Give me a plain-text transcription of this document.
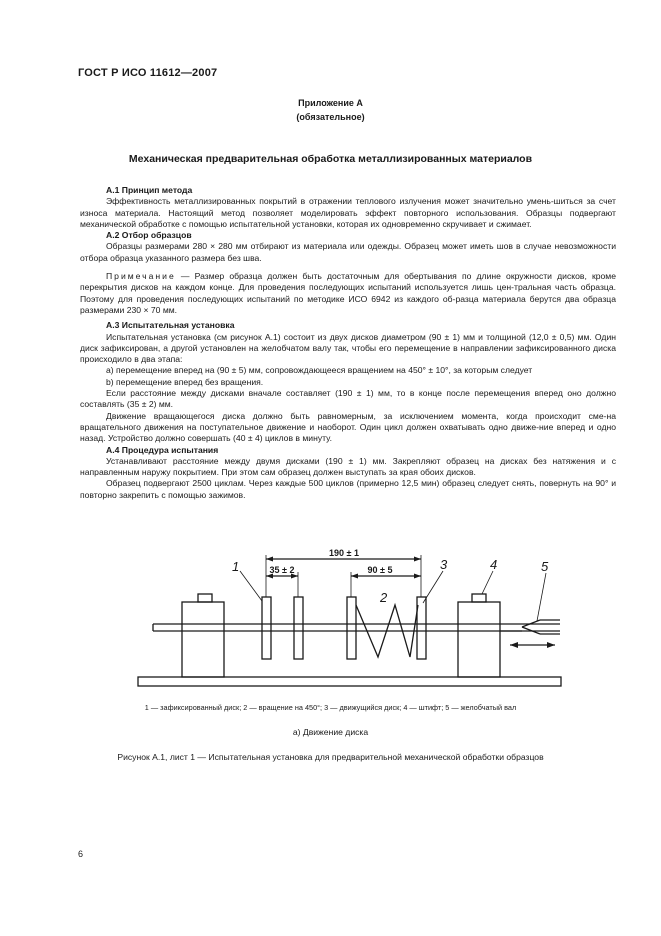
ГОСТ Р ИСО 11612—2007
Приложение А
(обязательное)
Механическая предварительная обработка металлизированных материалов

А.1 Принцип метода

Эффективность металлизированных покрытий в отражении теплового излучения может значительно умень-шиться за счет износа материала. Настоящий метод позволяет моделировать эффект повторного использования. Образцы подвергают механической обработке с помощью испытательной установки, которая их одновременно скручивает и сжимает.

А.2 Отбор образцов

Образцы размерами 280 × 280 мм отбирают из материала или одежды. Образец может иметь шов в случае невозможности отбора образца указанного размера без шва.

Примечание — Размер образца должен быть достаточным для обертывания по длине окружности дисков, кроме перекрытия дисков на каждом конце. Для проведения последующих испытаний используется лишь цен-тральная часть образца. Поэтому для проведения последующих испытаний по методике ИСО 6942 из каждого об-разца материала берутся два образца размерами 230 × 70 мм.

А.3 Испытательная установка

Испытательная установка (см рисунок А.1) состоит из двух дисков диаметром (90 ± 1) мм и толщиной (12,0 ± 0,5) мм. Один диск зафиксирован, а другой установлен на желобчатом валу так, чтобы его перемещение в направлении зафиксированного диска происходило в два этапа:

a) перемещение вперед на (90 ± 5) мм, сопровождающееся вращением на 450° ± 10°, за которым следует

b) перемещение вперед без вращения.

Если расстояние между дисками вначале составляет (190 ± 1) мм, то в конце после перемещения вперед оно должно составлять (35 ± 2) мм.

Движение вращающегося диска должно быть равномерным, за исключением момента, когда происходит сме-на вращательного движения на поступательное движение и наоборот. Один цикл должен охватывать одно движе-ние вперед и одно назад. Устройство должно совершать (40 ± 4) циклов в минуту.

А.4 Процедура испытания

Устанавливают расстояние между двумя дисками (190 ± 1) мм. Закрепляют образец на дисках без натяжения и с направленным наружу покрытием. При этом сам образец должен выступать за края обоих дисков.

Образец подвергают 2500 циклам. Через каждые 500 циклов (примерно 12,5 мин) образец следует снять, повернуть на 90° и повторно закрепить с помощью зажимов.

190 ± 1
35 ± 2	90 ± 5
1
2
3	4	5
1 — зафиксированный диск; 2 — вращение на 450°; 3 — движущийся диск; 4 — штифт; 5 — желобчатый вал
а) Движение диска
Рисунок А.1, лист 1 — Испытательная установка для предварительной механической обработки образцов
6
